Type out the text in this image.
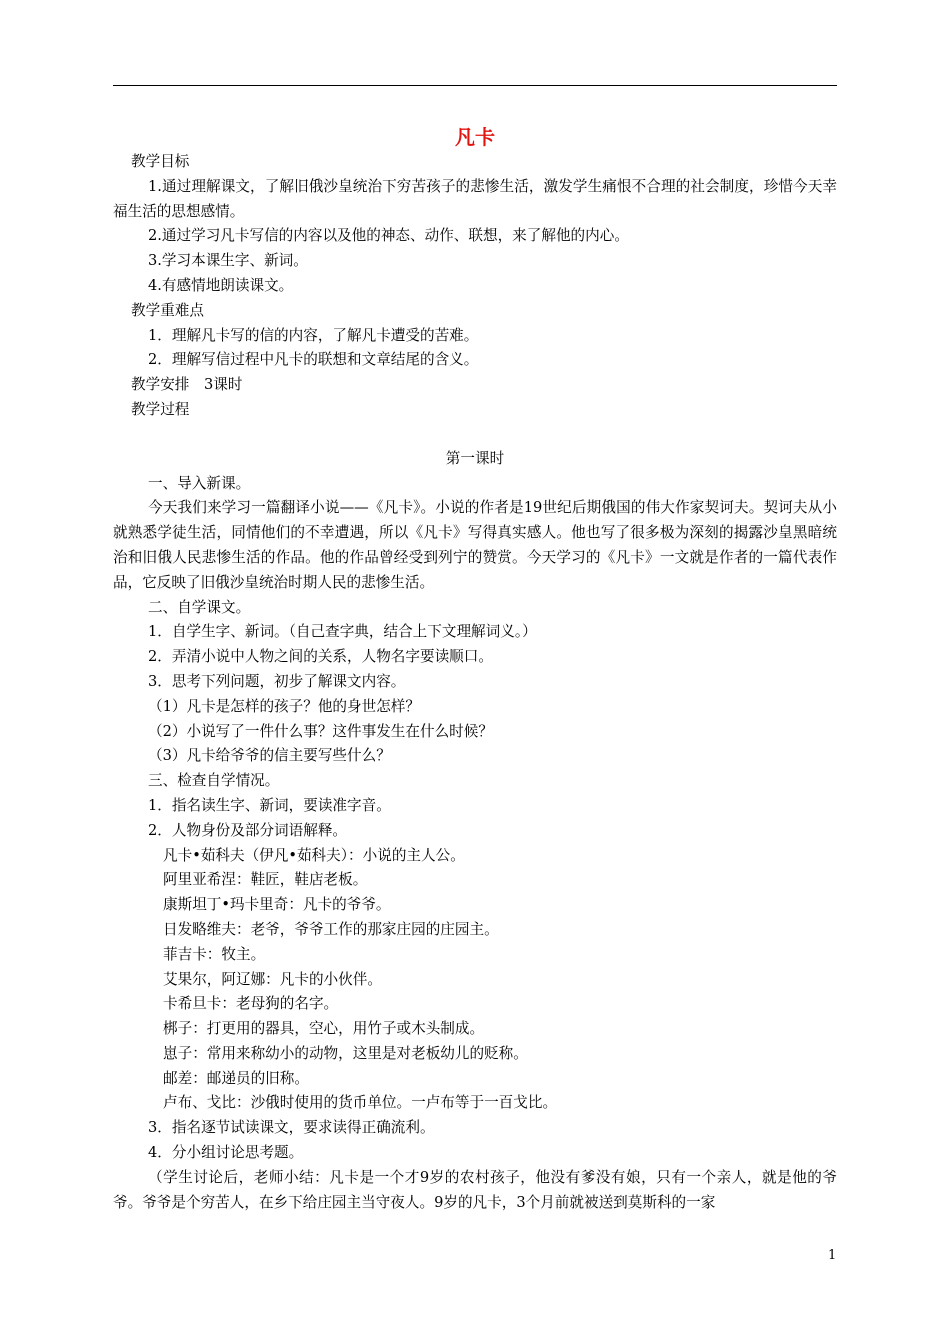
凡卡

教学目标

1.通过理解课文，了解旧俄沙皇统治下穷苦孩子的悲惨生活，激发学生痛恨不合理的社会制度，珍惜今天幸福生活的思想感情。

2.通过学习凡卡写信的内容以及他的神态、动作、联想，来了解他的内心。

3.学习本课生字、新词。

4.有感情地朗读课文。

教学重难点

1．理解凡卡写的信的内容，了解凡卡遭受的苦难。

2．理解写信过程中凡卡的联想和文章结尾的含义。

教学安排　3课时

教学过程

第一课时

一、导入新课。

今天我们来学习一篇翻译小说——《凡卡》。小说的作者是19世纪后期俄国的伟大作家契诃夫。契诃夫从小就熟悉学徒生活，同情他们的不幸遭遇，所以《凡卡》写得真实感人。他也写了很多极为深刻的揭露沙皇黑暗统治和旧俄人民悲惨生活的作品。他的作品曾经受到列宁的赞赏。今天学习的《凡卡》一文就是作者的一篇代表作品，它反映了旧俄沙皇统治时期人民的悲惨生活。

二、自学课文。

1．自学生字、新词。（自己查字典，结合上下文理解词义。）

2．弄清小说中人物之间的关系，人物名字要读顺口。

3．思考下列问题，初步了解课文内容。

（1）凡卡是怎样的孩子？他的身世怎样？

（2）小说写了一件什么事？这件事发生在什么时候？

（3）凡卡给爷爷的信主要写些什么？

三、检查自学情况。

1．指名读生字、新词，要读准字音。

2．人物身份及部分词语解释。

凡卡•茹科夫（伊凡•茹科夫）：小说的主人公。

阿里亚希涅：鞋匠，鞋店老板。

康斯坦丁•玛卡里奇：凡卡的爷爷。

日发略维夫：老爷，爷爷工作的那家庄园的庄园主。

菲吉卡：牧主。

艾果尔，阿辽娜：凡卡的小伙伴。

卡希旦卡：老母狗的名字。

梆子：打更用的器具，空心，用竹子或木头制成。

崽子：常用来称幼小的动物，这里是对老板幼儿的贬称。

邮差：邮递员的旧称。

卢布、戈比：沙俄时使用的货币单位。一卢布等于一百戈比。

3．指名逐节试读课文，要求读得正确流利。

4．分小组讨论思考题。

（学生讨论后，老师小结：凡卡是一个才9岁的农村孩子，他没有爹没有娘，只有一个亲人，就是他的爷爷。爷爷是个穷苦人，在乡下给庄园主当守夜人。9岁的凡卡，3个月前就被送到莫斯科的一家

1
